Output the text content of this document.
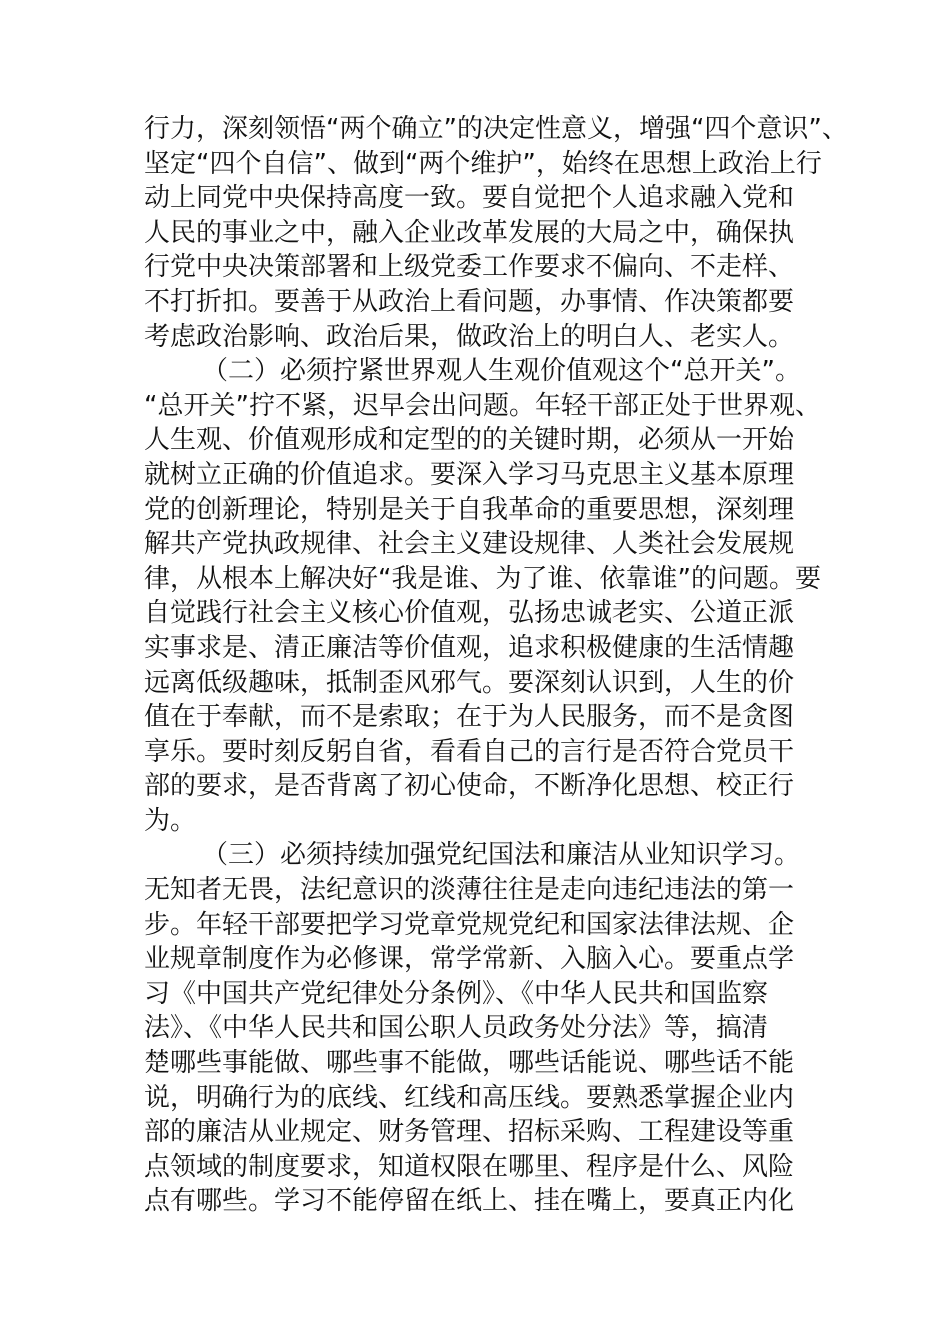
行力，深刻领悟“两个确立”的决定性意义，增强“四个意识”、
坚定“四个自信”、做到“两个维护”，始终在思想上政治上行
动上同党中央保持高度一致。要自觉把个人追求融入党和
人民的事业之中，融入企业改革发展的大局之中，确保执
行党中央决策部署和上级党委工作要求不偏向、不走样、
不打折扣。要善于从政治上看问题，办事情、作决策都要
考虑政治影响、政治后果，做政治上的明白人、老实人。
（二）必须拧紧世界观人生观价值观这个“总开关”。
“总开关”拧不紧，迟早会出问题。年轻干部正处于世界观、
人生观、价值观形成和定型的的关键时期，必须从一开始
就树立正确的价值追求。要深入学习马克思主义基本原理
党的创新理论，特别是关于自我革命的重要思想，深刻理
解共产党执政规律、社会主义建设规律、人类社会发展规
律，从根本上解决好“我是谁、为了谁、依靠谁”的问题。要
自觉践行社会主义核心价值观，弘扬忠诚老实、公道正派
实事求是、清正廉洁等价值观，追求积极健康的生活情趣
远离低级趣味，抵制歪风邪气。要深刻认识到，人生的价
值在于奉献，而不是索取；在于为人民服务，而不是贪图
享乐。要时刻反躬自省，看看自己的言行是否符合党员干
部的要求，是否背离了初心使命，不断净化思想、校正行
为。
（三）必须持续加强党纪国法和廉洁从业知识学习。
无知者无畏，法纪意识的淡薄往往是走向违纪违法的第一
步。年轻干部要把学习党章党规党纪和国家法律法规、企
业规章制度作为必修课，常学常新、入脑入心。要重点学
习《中国共产党纪律处分条例》、《中华人民共和国监察
法》、《中华人民共和国公职人员政务处分法》等，搞清
楚哪些事能做、哪些事不能做，哪些话能说、哪些话不能
说，明确行为的底线、红线和高压线。要熟悉掌握企业内
部的廉洁从业规定、财务管理、招标采购、工程建设等重
点领域的制度要求，知道权限在哪里、程序是什么、风险
点有哪些。学习不能停留在纸上、挂在嘴上，要真正内化
